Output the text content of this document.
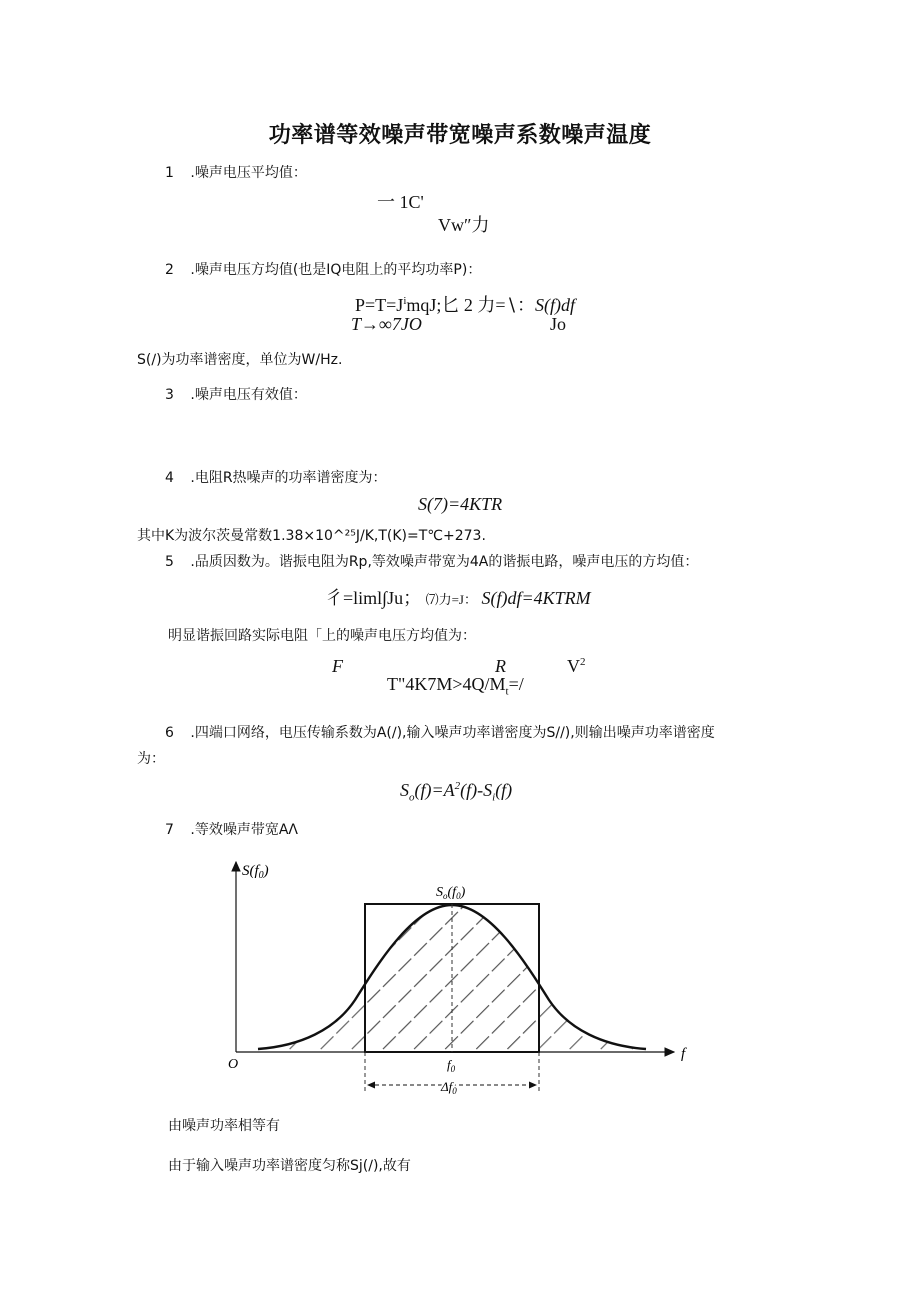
功率谱等效噪声带宽噪声系数噪声温度
1 .噪声电压平均值：
一 1C'
Vw″力
2 .噪声电压方均值(也是IQ电阻上的平均功率P)：
$P=T=J^imqJ$;匕 2 力=∖：S(f)df
T→∞7JO	Jo
S(∕)为功率谱密度，单位为W/Hz.
3 .噪声电压有效值：
4 .电阻R热噪声的功率谱密度为：
S(7)=4KTR
其中K为波尔茨曼常数1.38×10^²⁵J/K,T(K)=T℃+273.
5 .品质因数为。谐振电阻为Rp,等效噪声带宽为4A的谐振电路，噪声电压的方均值：
彳=liml∫Ju； ⑺力=J： S(f)df=4KTRM
明显谐振回路实际电阻「上的噪声电压方均值为：
F	R	$V^2$
$T"4K7M>4Q/M_t=/$
6 .四端口网络，电压传输系数为A(∕),输入噪声功率谱密度为S//),则输出噪声功率谱密度
为：
$S_o(f)=A^2(f)-S_i(f)$
7 .等效噪声带宽AΛ
$S(f_0)$
$S_o(f_0)$
O
f
$f_0$
$\Delta f_0$
由噪声功率相等有
由于输入噪声功率谱密度匀称Sj(∕),故有
